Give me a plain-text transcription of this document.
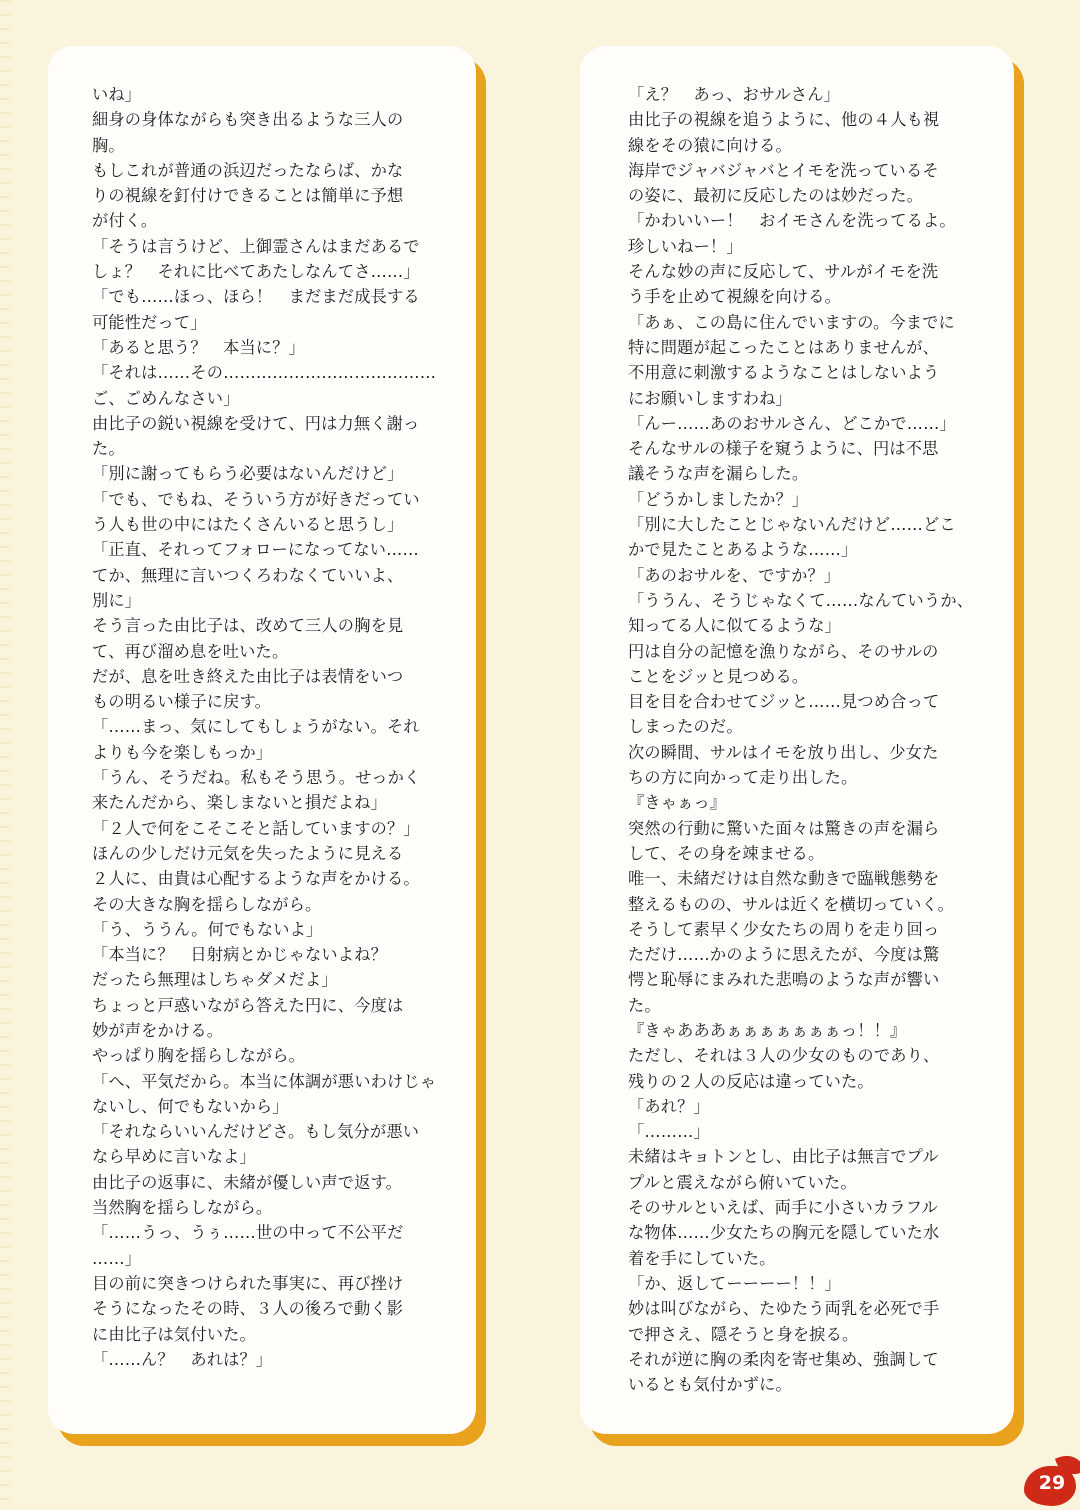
いね」
細身の身体ながらも突き出るような三人の
胸。
もしこれが普通の浜辺だったならば、かな
りの視線を釘付けできることは簡単に予想
が付く。
「そうは言うけど、上御霊さんはまだあるで
しょ？　それに比べてあたしなんてさ……」
「でも……ほっ、ほら！　まだまだ成長する
可能性だって」
「あると思う？　本当に？」
「それは……その…………………………………
ご、ごめんなさい」
由比子の鋭い視線を受けて、円は力無く謝っ
た。
「別に謝ってもらう必要はないんだけど」
「でも、でもね、そういう方が好きだってい
う人も世の中にはたくさんいると思うし」
「正直、それってフォローになってない……
てか、無理に言いつくろわなくていいよ、
別に」
そう言った由比子は、改めて三人の胸を見
て、再び溜め息を吐いた。
だが、息を吐き終えた由比子は表情をいつ
もの明るい様子に戻す。
「……まっ、気にしてもしょうがない。それ
よりも今を楽しもっか」
「うん、そうだね。私もそう思う。せっかく
来たんだから、楽しまないと損だよね」
「２人で何をこそこそと話していますの？」
ほんの少しだけ元気を失ったように見える
２人に、由貴は心配するような声をかける。
その大きな胸を揺らしながら。
「う、ううん。何でもないよ」
「本当に？　日射病とかじゃないよね？
だったら無理はしちゃダメだよ」
ちょっと戸惑いながら答えた円に、今度は
妙が声をかける。
やっぱり胸を揺らしながら。
「へ、平気だから。本当に体調が悪いわけじゃ
ないし、何でもないから」
「それならいいんだけどさ。もし気分が悪い
なら早めに言いなよ」
由比子の返事に、未緒が優しい声で返す。
当然胸を揺らしながら。
「……うっ、うぅ……世の中って不公平だ
……」
目の前に突きつけられた事実に、再び挫け
そうになったその時、３人の後ろで動く影
に由比子は気付いた。
「……ん？　あれは？」
「え？　あっ、おサルさん」
由比子の視線を追うように、他の４人も視
線をその猿に向ける。
海岸でジャバジャバとイモを洗っているそ
の姿に、最初に反応したのは妙だった。
「かわいいー！　おイモさんを洗ってるよ。
珍しいねー！」
そんな妙の声に反応して、サルがイモを洗
う手を止めて視線を向ける。
「あぁ、この島に住んでいますの。今までに
特に問題が起こったことはありませんが、
不用意に刺激するようなことはしないよう
にお願いしますわね」
「んー……あのおサルさん、どこかで……」
そんなサルの様子を窺うように、円は不思
議そうな声を漏らした。
「どうかしましたか？」
「別に大したことじゃないんだけど……どこ
かで見たことあるような……」
「あのおサルを、ですか？」
「ううん、そうじゃなくて……なんていうか、
知ってる人に似てるような」
円は自分の記憶を漁りながら、そのサルの
ことをジッと見つめる。
目を目を合わせてジッと……見つめ合って
しまったのだ。
次の瞬間、サルはイモを放り出し、少女た
ちの方に向かって走り出した。
『きゃぁっ』
突然の行動に驚いた面々は驚きの声を漏ら
して、その身を竦ませる。
唯一、未緒だけは自然な動きで臨戦態勢を
整えるものの、サルは近くを横切っていく。
そうして素早く少女たちの周りを走り回っ
ただけ……かのように思えたが、今度は驚
愕と恥辱にまみれた悲鳴のような声が響い
た。
『きゃあああぁぁぁぁぁぁぁっ！！』
ただし、それは３人の少女のものであり、
残りの２人の反応は違っていた。
「あれ？」
「………」
未緒はキョトンとし、由比子は無言でプル
プルと震えながら俯いていた。
そのサルといえば、両手に小さいカラフル
な物体……少女たちの胸元を隠していた水
着を手にしていた。
「か、返してーーーー！！」
妙は叫びながら、たゆたう両乳を必死で手
で押さえ、隠そうと身を捩る。
それが逆に胸の柔肉を寄せ集め、強調して
いるとも気付かずに。
29
